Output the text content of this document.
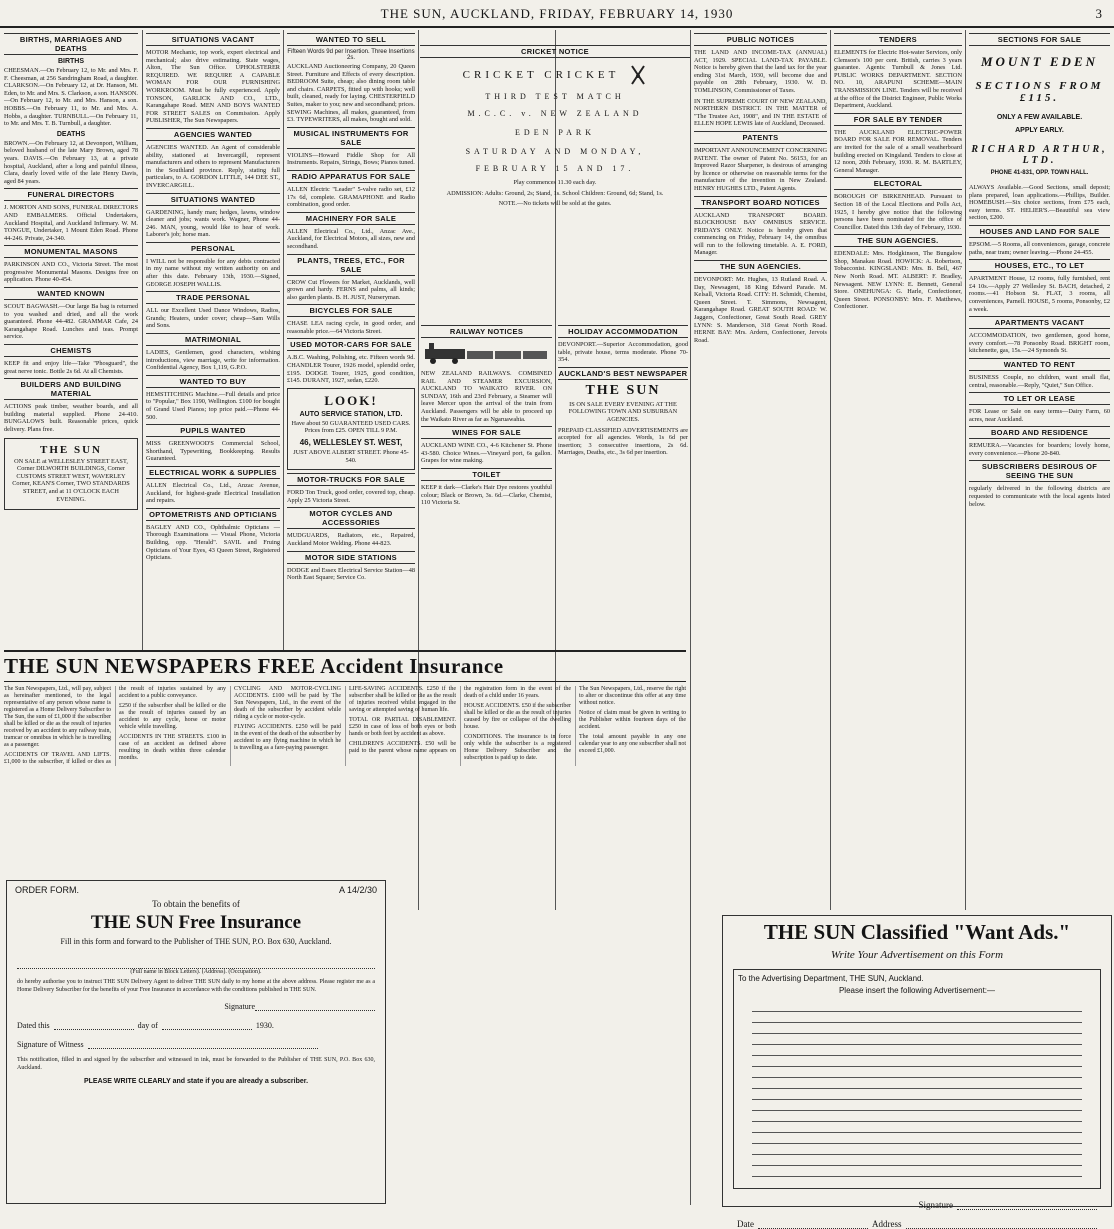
THE SUN, AUCKLAND, FRIDAY, FEBRUARY 14, 1930	3
BIRTHS, MARRIAGES AND DEATHS
BIRTHS

CHEESMAN.—On February 12, to Mr. and Mrs. F. F. Cheesman, at 256 Sandringham Road, a daughter. CLARKSON.—On February 12, at Dr. Hanson, Mt. Eden, to Mr. and Mrs. S. Clarkson, a son. HANSON.—On February 12, to Mr. and Mrs. Hanson, a son. HOBBS.—On February 11, to Mr. and Mrs. A. Hobbs, a daughter. TURNBULL.—On February 11, to Mr. and Mrs. T. B. Turnbull, a daughter.

DEATHS

BROWN.—On February 12, at Devonport, William, beloved husband of the late Mary Brown, aged 78 years. DAVIS.—On February 13, at a private hospital, Auckland, after a long and painful illness, Clara, dearly loved wife of the late Henry Davis, aged 84 years.

FUNERAL DIRECTORS

J. MORTON AND SONS, FUNERAL DIRECTORS AND EMBALMERS. Official Undertakers, Auckland Hospital, and Auckland Infirmary. W. M. TONGUE, Undertaker, 1 Mount Eden Road. Phone 44-246. Private, 24-340.

MONUMENTAL MASONS

PARKINSON AND CO., Victoria Street. The most progressive Monumental Masons. Designs free on application. Phone 40-454.

WANTED KNOWN

SCOUT BAGWASH.—Our large Ba bag is returned to you washed and dried, and all the work guaranteed. Phone 44-482. GRAMMAR Cafe, 24 Karangahape Road. Lunches and teas. Prompt service.

CHEMISTS

KEEP fit and enjoy life—Take "Phosguard", the great nerve tonic. Bottle 2s 6d. At all Chemists.

BUILDERS AND BUILDING MATERIAL

ACTIONS peak timber, weather boards, and all building material supplied. Phone 24-410. BUNGALOWS built. Reasonable prices, quick delivery. Plans free.

THE SUN

ON SALE at WELLESLEY STREET EAST, Corner DILWORTH BUILDINGS, Corner CUSTOMS STREET WEST, WAVERLEY Corner, KEAN'S Corner, TWO STANDARDS STREET, and at 11 O'CLOCK EACH EVENING.

SITUATIONS VACANT

MOTOR Mechanic, top work, expert electrical and mechanical; also drive estimating. State wages, Alton, The Sun Office. UPHOLSTERER REQUIRED. WE REQUIRE A CAPABLE WOMAN FOR OUR FURNISHING WORKROOM. Must be fully experienced. Apply TONSON, GARLICK AND CO., LTD., Karangahape Road. MEN AND BOYS WANTED FOR STREET SALES on Commission. Apply PUBLISHER, The Sun Newspapers.

AGENCIES WANTED

AGENCIES WANTED. An Agent of considerable ability, stationed at Invercargill, represent manufacturers and others to represent Manufacturers in the Southland province. Reply, stating full particulars, to A. GORDON LITTLE, 144 DEE ST., INVERCARGILL.

SITUATIONS WANTED

GARDENING, handy man; hedges, lawns, window cleaner and jobs; wants work. Wagner, Phone 44-246. MAN, young, would like to hear of work. Laborer's job; horse man.

PERSONAL

I WILL not be responsible for any debts contracted in my name without my written authority on and after this date. February 13th, 1930.—Signed, GEORGE JOSEPH WALLIS.

TRADE PERSONAL

ALL our Excellent Used Dance Windows, Radios, Grands; Heaters, under cover; cheap—Sam Wills and Sons.

MATRIMONIAL

LADIES, Gentlemen, good characters, wishing introductions, view marriage, write for information. Confidential Agency, Box 1,119, G.P.O.

WANTED TO BUY

HEMSTITCHING Machine.—Full details and price to "Popular," Box 1190, Wellington. £100 for bought of Grand Used Pianos; top price paid.—Phone 44-500.

PUPILS WANTED

MISS GREENWOOD'S Commercial School, Shorthand, Typewriting, Bookkeeping. Results Guaranteed.

ELECTRICAL WORK & SUPPLIES

ALLEN Electrical Co., Ltd., Anzac Avenue, Auckland, for highest-grade Electrical Installation and repairs.

OPTOMETRISTS AND OPTICIANS

BAGLEY AND CO., Ophthalmic Opticians — Thorough Examinations — Visual Phone, Victoria Building, opp. "Herald". SAVIL and Fruing Opticians of Your Eyes, 43 Queen Street, Registered Opticians.

WANTED TO SELL
Fifteen Words 9d per Insertion. Three Insertions 2s.

AUCKLAND Auctioneering Company, 20 Queen Street. Furniture and Effects of every description. BEDROOM Suite, cheap; also dining room table and chairs. CARPETS, fitted up with hooks; well built, cleaned, ready for laying. CHESTERFIELD Suites, maker to you; new and secondhand; prices. SEWING Machines, all makes, guaranteed, from £3. TYPEWRITERS, all makes, bought and sold.

MUSICAL INSTRUMENTS FOR SALE

VIOLINS—Howard Fiddle Shop for All Instruments. Repairs, Strings, Bows; Pianos tuned.

RADIO APPARATUS FOR SALE

ALLEN Electric "Leader" 5-valve radio set, £12 17s 6d, complete. GRAMAPHONE and Radio combination, good order.

MACHINERY FOR SALE

ALLEN Electrical Co., Ltd., Anzac Ave., Auckland, for Electrical Motors, all sizes, new and secondhand.

PLANTS, TREES, ETC., FOR SALE

CROW Cut Flowers for Market, Aucklands, well grown and hardy. FERNS and palms, all kinds; also garden plants. B. H. JUST, Nurseryman.

BICYCLES FOR SALE

CHASE LEA racing cycle, in good order, and reasonable price.—64 Victoria Street.

USED MOTOR-CARS FOR SALE

A.B.C. Washing, Polishing, etc. Fifteen words 9d. CHANDLER Tourer, 1926 model, splendid order, £195. DODGE Tourer, 1925, good condition, £145. DURANT, 1927, sedan, £220.

LOOK!
AUTO SERVICE STATION, LTD.

Have about 50 GUARANTEED USED CARS. Prices from £25. OPEN TILL 9 P.M.

46, WELLESLEY ST. WEST,

JUST ABOVE ALBERT STREET. Phone 45-540.

MOTOR-TRUCKS FOR SALE

FORD Ton Truck, good order, covered top, cheap. Apply 25 Victoria Street.

MOTOR CYCLES AND ACCESSORIES

MUDGUARDS, Radiators, etc., Repaired, Auckland Motor Welding. Phone 44-823.

MOTOR SIDE STATIONS

DODGE and Essex Electrical Service Station—48 North East Square; Service Co.

CRICKET NOTICE
CRICKET CRICKET
THIRD TEST MATCH
M.C.C. v. NEW ZEALAND
EDEN PARK
SATURDAY AND MONDAY,
FEBRUARY 15 AND 17.

Play commences 11.30 each day.

ADMISSION: Adults: Ground, 2s; Stand, 1s. School Children: Ground, 6d; Stand, 1s.

NOTE.—No tickets will be sold at the gates.

RAILWAY NOTICES

NEW ZEALAND RAILWAYS. COMBINED RAIL AND STEAMER EXCURSION, AUCKLAND TO WAIKATO RIVER. ON SUNDAY, 16th and 23rd February, a Steamer will leave Mercer upon the arrival of the train from Auckland. Passengers will be able to proceed up the Waikato River as far as Ngaruawahia.

WINES FOR SALE

AUCKLAND WINE CO., 4-6 Kitchener St. Phone 43-580. Choice Wines.—Vineyard port, 6s gallon. Grapes for wine making.

TOILET

KEEP it dark—Clarke's Hair Dye restores youthful colour; Black or Brown, 3s. 6d.—Clarke, Chemist, 110 Victoria St.

HOLIDAY ACCOMMODATION

DEVONPORT.—Superior Accommodation, good table, private house, terms moderate. Phone 70-354.

AUCKLAND'S BEST NEWSPAPER
THE SUN

IS ON SALE EVERY EVENING AT THE FOLLOWING TOWN AND SUBURBAN AGENCIES.

PREPAID CLASSIFIED ADVERTISEMENTS are accepted for all agencies. Words, 1s 6d per insertion; 3 consecutive insertions, 2s 6d. Marriages, Deaths, etc., 3s 6d per insertion.

PUBLIC NOTICES

THE LAND AND INCOME-TAX (ANNUAL) ACT, 1929. SPECIAL LAND-TAX PAYABLE. Notice is hereby given that the land tax for the year ending 31st March, 1930, will become due and payable on 28th February, 1930. W. D. TOMLINSON, Commissioner of Taxes.

IN THE SUPREME COURT OF NEW ZEALAND, NORTHERN DISTRICT. IN THE MATTER of "The Trustee Act, 1908", and IN THE ESTATE of ELLEN HOPE LEWIS late of Auckland, Deceased.

PATENTS

IMPORTANT ANNOUNCEMENT CONCERNING PATENT. The owner of Patent No. 56153, for an Improved Razor Sharpener, is desirous of arranging by licence or otherwise on reasonable terms for the manufacture of the invention in New Zealand. HENRY HUGHES LTD., Patent Agents.

TRANSPORT BOARD NOTICES

AUCKLAND TRANSPORT BOARD. BLOCKHOUSE BAY OMNIBUS SERVICE. FRIDAYS ONLY. Notice is hereby given that commencing on Friday, February 14, the omnibus will run to the following timetable. A. E. FORD, Manager.

THE SUN AGENCIES.

DEVONPORT: Mr. Hughes, 13 Rutland Road. A. Day, Newsagent, 18 King Edward Parade. M. Kelsall, Victoria Road. CITY: H. Schmidt, Chemist, Queen Street. T. Simmons, Newsagent, Karangahape Road. GREAT SOUTH ROAD: W. Jaggers, Confectioner, Great South Road. GREY LYNN: S. Manderson, 318 Great North Road. HERNE BAY: Mrs. Ardern, Confectioner, Jervois Road.

TENDERS

ELEMENTS for Electric Hot-water Services, only Clemson's 100 per cent. British, carries 3 years guarantee. Agents: Turnbull & Jones Ltd. PUBLIC WORKS DEPARTMENT. SECTION NO. 10, ARAPUNI SCHEME—MAIN TRANSMISSION LINE. Tenders will be received at the office of the District Engineer, Public Works Department, Auckland.

FOR SALE BY TENDER

THE AUCKLAND ELECTRIC-POWER BOARD FOR SALE FOR REMOVAL. Tenders are invited for the sale of a small weatherboard building erected on Kingsland. Tenders to close at 12 noon, 20th February, 1930. R. M. BARTLEY, General Manager.

ELECTORAL

BOROUGH OF BIRKENHEAD. Pursuant to Section 18 of the Local Elections and Polls Act, 1925, I hereby give notice that the following persons have been nominated for the office of Councillor. Dated this 13th day of February, 1930.

THE SUN AGENCIES.

EDENDALE: Mrs. Hodgkinson, The Bungalow Shop, Manakau Road. HOWICK: A. Robertson, Tobacconist. KINGSLAND: Mrs. B. Bell, 467 New North Road. MT. ALBERT: F. Bradley, Newsagent. NEW LYNN: E. Bennett, General Store. ONEHUNGA: G. Harle, Confectioner, Queen Street. PONSONBY: Mrs. F. Matthews, Confectioner.

SECTIONS FOR SALE
MOUNT EDEN
SECTIONS FROM £115.
ONLY A FEW AVAILABLE.
APPLY EARLY.
RICHARD ARTHUR, LTD.
PHONE 41-831, OPP. TOWN HALL.

ALWAYS Available.—Good Sections, small deposit; plans prepared, loan applications.—Phillips, Builder. HOMEBUSH.—Six choice sections, from £75 each, easy terms. ST. HELIER'S.—Beautiful sea view section, £200.

HOUSES AND LAND FOR SALE

EPSOM.—5 Rooms, all conveniences, garage, concrete paths, near tram; owner leaving.—Phone 24-455.

HOUSES, ETC., TO LET

APARTMENT House, 12 rooms, fully furnished, rent £4 10s.—Apply 27 Wellesley St. BACH, detached, 2 rooms.—41 Hobson St. FLAT, 3 rooms, all conveniences, Parnell. HOUSE, 5 rooms, Ponsonby, £2 a week.

APARTMENTS VACANT

ACCOMMODATION, two gentlemen, good home, every comfort.—78 Ponsonby Road. BRIGHT room, kitchenette, gas, 15s.—24 Symonds St.

WANTED TO RENT

BUSINESS Couple, no children, want small flat, central, reasonable.—Reply, "Quiet," Sun Office.

TO LET OR LEASE

FOR Lease or Sale on easy terms—Dairy Farm, 60 acres, near Auckland.

BOARD AND RESIDENCE

REMUERA.—Vacancies for boarders; lovely home, every convenience.—Phone 20-840.

SUBSCRIBERS DESIROUS OF SEEING THE SUN

regularly delivered in the following districts are requested to communicate with the local agents listed below.

THE SUN NEWSPAPERS FREE Accident Insurance

The Sun Newspapers, Ltd., will pay, subject as hereinafter mentioned, to the legal representative of any person whose name is registered as a Home Delivery Subscriber to The Sun, the sum of £1,000 if the subscriber shall be killed or die as the result of injuries received by an accident to any railway train, tramcar or omnibus in which he is travelling as a passenger.

ACCIDENTS OF TRAVEL AND LIFTS. £1,000 to the subscriber, if killed or dies as the result of injuries sustained by any accident to a public conveyance.

£250 if the subscriber shall be killed or die as the result of injuries caused by an accident to any cycle, horse or motor vehicle while travelling.

ACCIDENTS IN THE STREETS. £100 in case of an accident as defined above resulting in death within three calendar months.

CYCLING AND MOTOR-CYCLING ACCIDENTS. £100 will be paid by The Sun Newspapers, Ltd., in the event of the death of the subscriber by accident while riding a cycle or motor-cycle.

FLYING ACCIDENTS. £250 will be paid in the event of the death of the subscriber by accident to any flying machine in which he is travelling as a fare-paying passenger.

LIFE-SAVING ACCIDENTS. £250 if the subscriber shall be killed or die as the result of injuries received whilst engaged in the saving or attempted saving of human life.

TOTAL OR PARTIAL DISABLEMENT. £250 in case of loss of both eyes or both hands or both feet by accident as above.

CHILDREN'S ACCIDENTS. £50 will be paid to the parent whose name appears on the registration form in the event of the death of a child under 16 years.

HOUSE ACCIDENTS. £50 if the subscriber shall be killed or die as the result of injuries caused by fire or collapse of the dwelling house.

CONDITIONS. The insurance is in force only while the subscriber is a registered Home Delivery Subscriber and the subscription is paid up to date.

The Sun Newspapers, Ltd., reserve the right to alter or discontinue this offer at any time without notice.

Notice of claim must be given in writing to the Publisher within fourteen days of the accident.

The total amount payable in any one calendar year to any one subscriber shall not exceed £1,000.

ORDER FORM.	A 14/2/30
To obtain the benefits of
THE SUN Free Insurance
Fill in this form and forward to the Publisher of THE SUN, P.O. Box 630, Auckland.
(Full name in Block Letters). (Address). (Occupation).

do hereby authorise you to instruct THE SUN Delivery Agent to deliver THE SUN daily to my home at the above address. Please register me as a Home Delivery Subscriber for the benefits of your Free Insurance in accordance with the conditions published in THE SUN.

Signature
Dated this	day of	1930.
Signature of Witness

This notification, filled in and signed by the subscriber and witnessed in ink, must be forwarded to the Publisher of THE SUN, P.O. Box 630, Auckland.

PLEASE WRITE CLEARLY and state if you are already a subscriber.
THE SUN Classified "Want Ads."
Write Your Advertisement on this Form
To the Advertising Department, THE SUN, Auckland.
Please insert the following Advertisement:—
Signature
Date	Address
